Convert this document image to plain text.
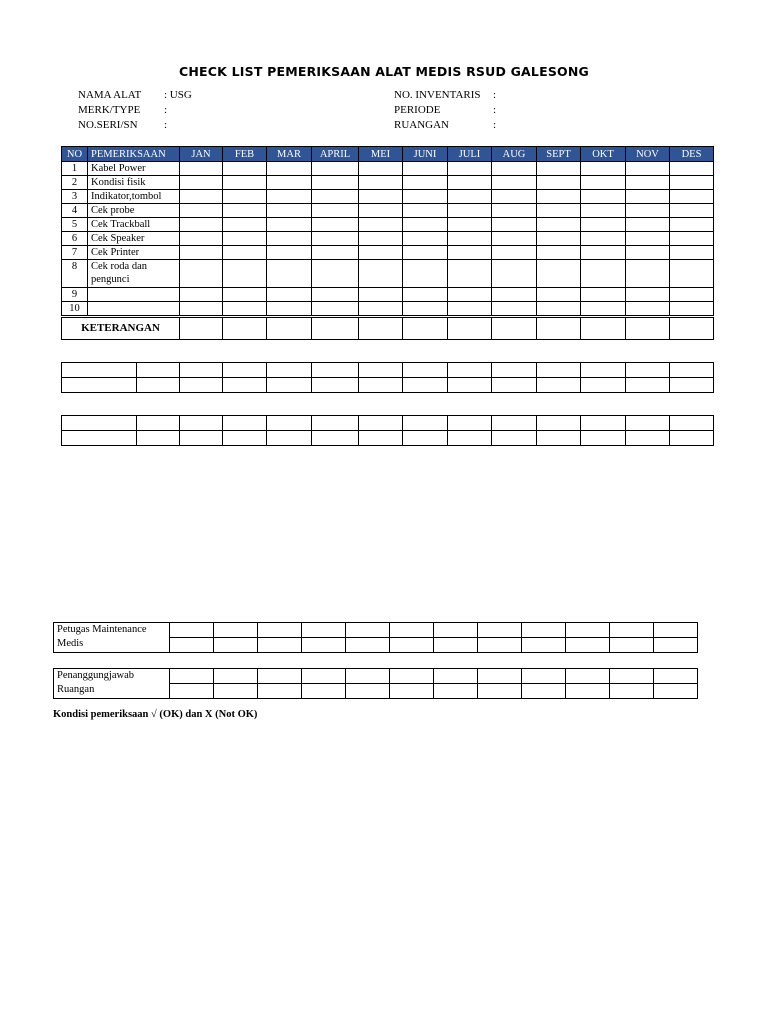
CHECK LIST PEMERIKSAAN ALAT MEDIS RSUD GALESONG
NAMA ALAT	: USG
MERK/TYPE	:
NO.SERI/SN	:
NO. INVENTARIS	:
PERIODE	:
RUANGAN	:
NO	PEMERIKSAAN	JAN	FEB	MAR	APRIL	MEI	JUNI	JULI	AUG	SEPT	OKT	NOV	DES
1	Kabel Power												
2	Kondisi fisik												
3	Indikator,tombol												
4	Cek probe												
5	Cek Trackball												
6	Cek Speaker												
7	Cek Printer												
8	Cek roda dan pengunci												
9													
10													
KETERANGAN													

Petugas Maintenance Medis												

Penanggungjawab Ruangan												

Kondisi pemeriksaan √ (OK) dan X (Not OK)
